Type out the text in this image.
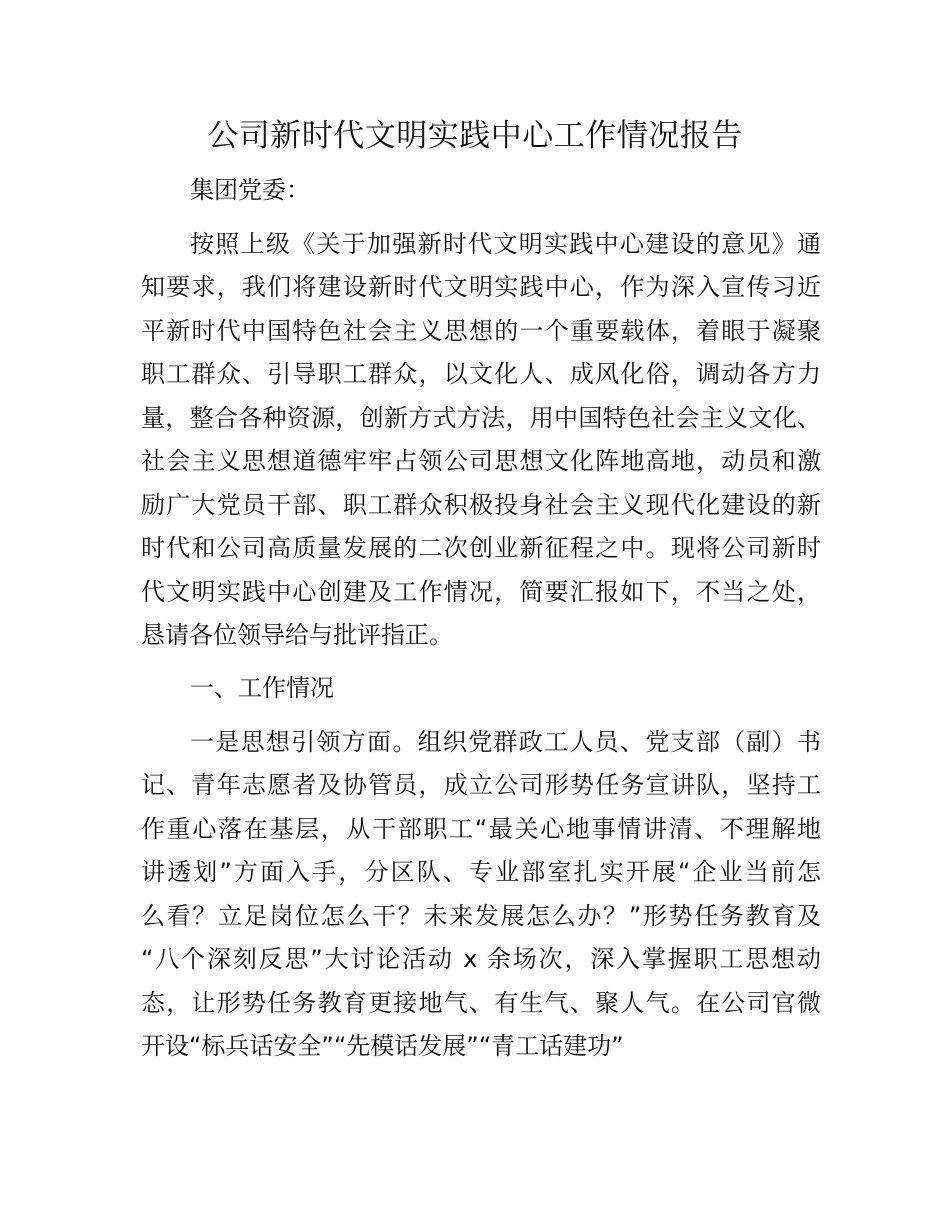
公司新时代文明实践中心工作情况报告

集团党委：

按照上级《关于加强新时代文明实践中心建设的意见》通

知要求，我们将建设新时代文明实践中心，作为深入宣传习近

平新时代中国特色社会主义思想的一个重要载体，着眼于凝聚

职工群众、引导职工群众，以文化人、成风化俗，调动各方力

量，整合各种资源，创新方式方法，用中国特色社会主义文化、

社会主义思想道德牢牢占领公司思想文化阵地高地，动员和激

励广大党员干部、职工群众积极投身社会主义现代化建设的新

时代和公司高质量发展的二次创业新征程之中。现将公司新时

代文明实践中心创建及工作情况，简要汇报如下，不当之处，

恳请各位领导给与批评指正。

一、工作情况

一是思想引领方面。组织党群政工人员、党支部（副）书

记、青年志愿者及协管员，成立公司形势任务宣讲队，坚持工

作重心落在基层，从干部职工“最关心地事情讲清、不理解地

讲透划”方面入手，分区队、专业部室扎实开展“企业当前怎

么看？立足岗位怎么干？未来发展怎么办？”形势任务教育及

“八个深刻反思”大讨论活动 x 余场次，深入掌握职工思想动

态，让形势任务教育更接地气、有生气、聚人气。在公司官微

开设“标兵话安全”“先模话发展”“青工话建功”
